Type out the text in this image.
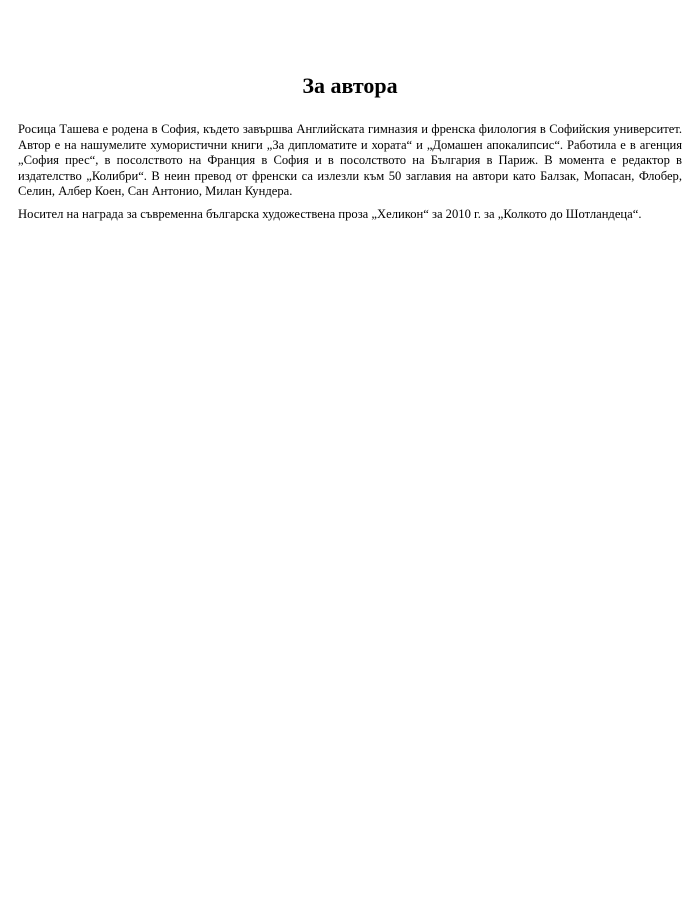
За автора

Росица Ташева е родена в София, където завършва Английската гимназия и френска филология в Софийския университет. Автор е на нашумелите хумористични книги „За дипломатите и хората“ и „Домашен апокалипсис“. Работила е в агенция „София прес“, в посолството на Франция в София и в посолството на България в Париж. В момента е редактор в издателство „Колибри“. В неин превод от френски са излезли към 50 заглавия на автори като Балзак, Мопасан, Флобер, Селин, Албер Коен, Сан Антонио, Милан Кундера.

Носител на награда за съвременна българска художествена проза „Хеликон“ за 2010 г. за „Колкото до Шотландеца“.
